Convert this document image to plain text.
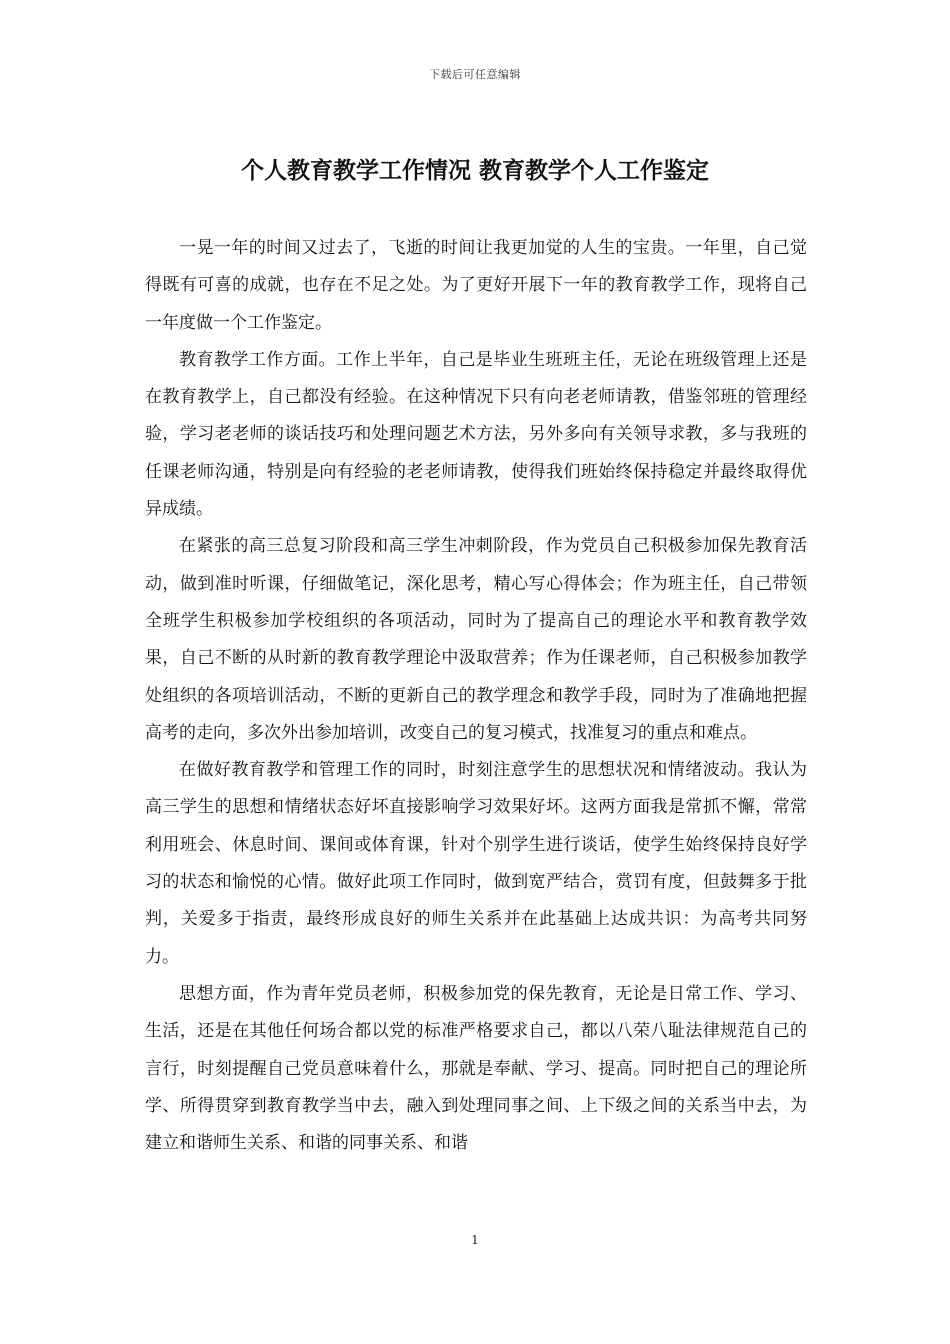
下载后可任意编辑
个人教育教学工作情况 教育教学个人工作鉴定

一晃一年的时间又过去了，飞逝的时间让我更加觉的人生的宝贵。一年里，自己觉得既有可喜的成就，也存在不足之处。为了更好开展下一年的教育教学工作，现将自己一年度做一个工作鉴定。

教育教学工作方面。工作上半年，自己是毕业生班班主任，无论在班级管理上还是在教育教学上，自己都没有经验。在这种情况下只有向老老师请教，借鉴邻班的管理经验，学习老老师的谈话技巧和处理问题艺术方法，另外多向有关领导求教，多与我班的任课老师沟通，特别是向有经验的老老师请教，使得我们班始终保持稳定并最终取得优异成绩。

在紧张的高三总复习阶段和高三学生冲刺阶段，作为党员自己积极参加保先教育活动，做到准时听课，仔细做笔记，深化思考，精心写心得体会；作为班主任，自己带领全班学生积极参加学校组织的各项活动，同时为了提高自己的理论水平和教育教学效果，自己不断的从时新的教育教学理论中汲取营养；作为任课老师，自己积极参加教学处组织的各项培训活动，不断的更新自己的教学理念和教学手段，同时为了准确地把握高考的走向，多次外出参加培训，改变自己的复习模式，找准复习的重点和难点。

在做好教育教学和管理工作的同时，时刻注意学生的思想状况和情绪波动。我认为高三学生的思想和情绪状态好坏直接影响学习效果好坏。这两方面我是常抓不懈，常常利用班会、休息时间、课间或体育课，针对个别学生进行谈话，使学生始终保持良好学习的状态和愉悦的心情。做好此项工作同时，做到宽严结合，赏罚有度，但鼓舞多于批判，关爱多于指责，最终形成良好的师生关系并在此基础上达成共识：为高考共同努力。

思想方面，作为青年党员老师，积极参加党的保先教育，无论是日常工作、学习、生活，还是在其他任何场合都以党的标准严格要求自己，都以八荣八耻法律规范自己的言行，时刻提醒自己党员意味着什么，那就是奉献、学习、提高。同时把自己的理论所学、所得贯穿到教育教学当中去，融入到处理同事之间、上下级之间的关系当中去，为建立和谐师生关系、和谐的同事关系、和谐

1
